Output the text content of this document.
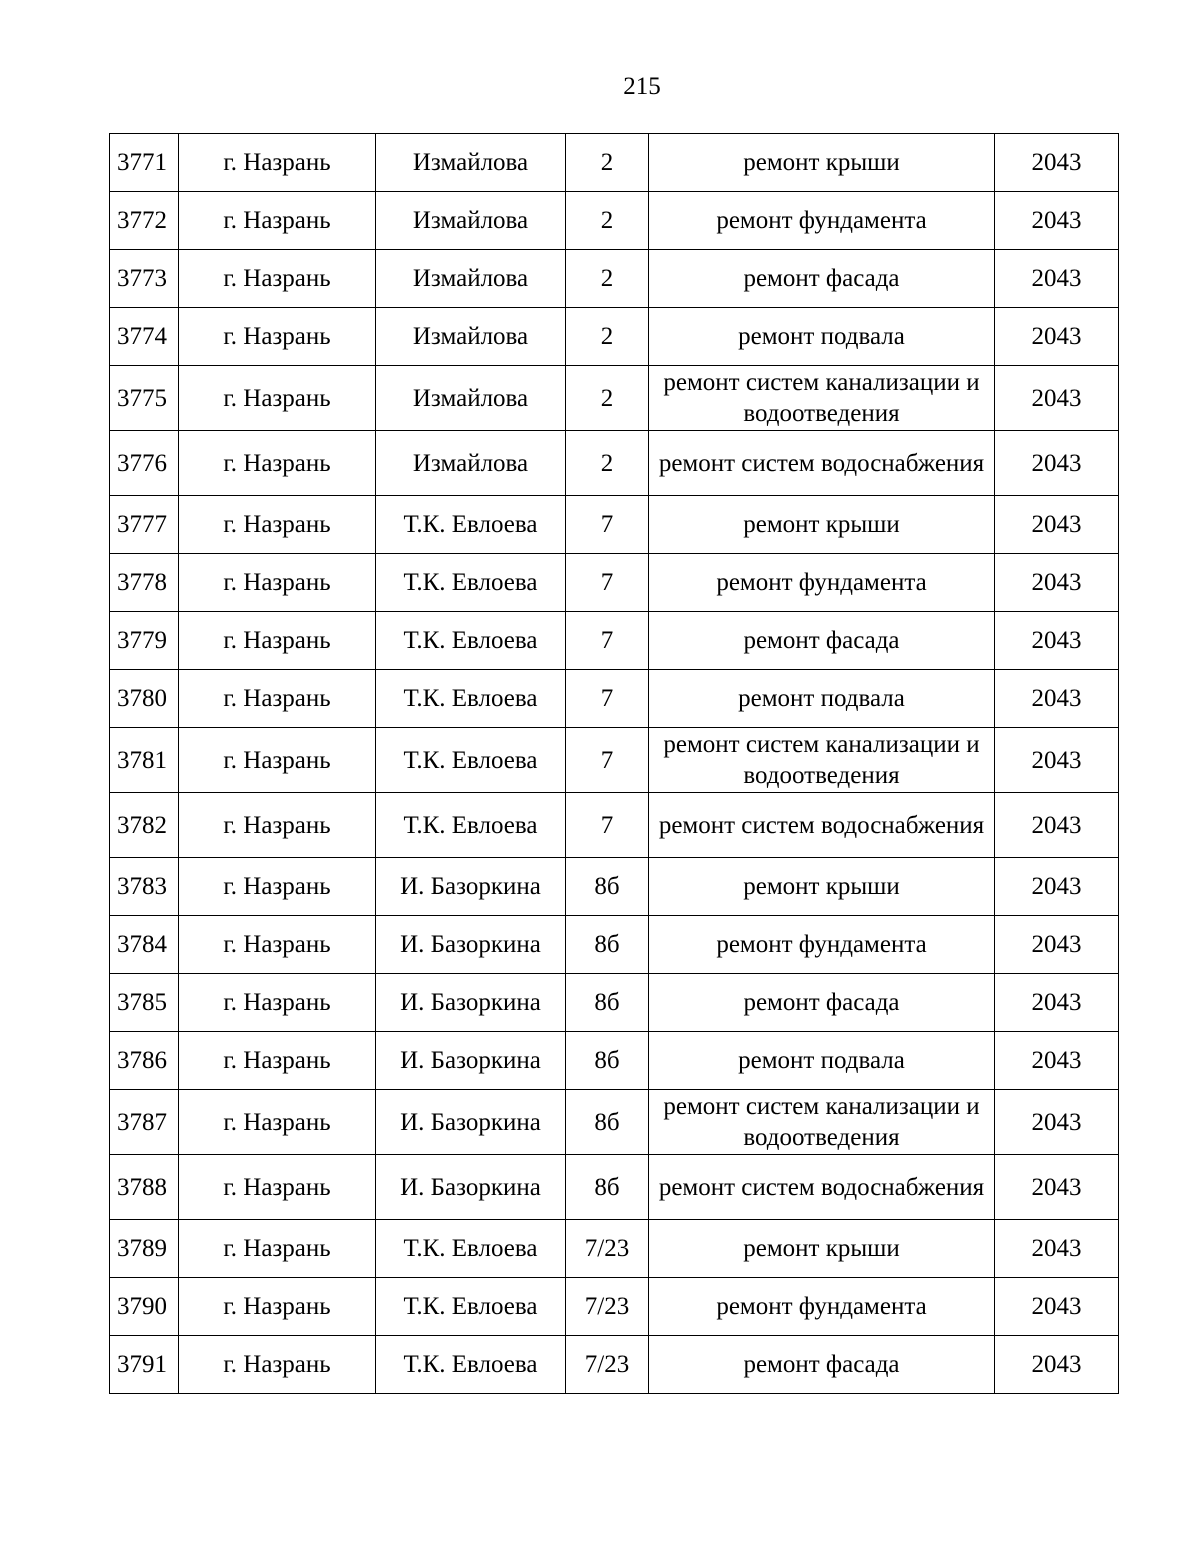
215
3771	г. Назрань	Измайлова	2	ремонт крыши	2043
3772	г. Назрань	Измайлова	2	ремонт фундамента	2043
3773	г. Назрань	Измайлова	2	ремонт фасада	2043
3774	г. Назрань	Измайлова	2	ремонт подвала	2043
3775	г. Назрань	Измайлова	2	ремонт систем канализации и водоотведения	2043
3776	г. Назрань	Измайлова	2	ремонт систем водоснабжения	2043
3777	г. Назрань	Т.К. Евлоева	7	ремонт крыши	2043
3778	г. Назрань	Т.К. Евлоева	7	ремонт фундамента	2043
3779	г. Назрань	Т.К. Евлоева	7	ремонт фасада	2043
3780	г. Назрань	Т.К. Евлоева	7	ремонт подвала	2043
3781	г. Назрань	Т.К. Евлоева	7	ремонт систем канализации и водоотведения	2043
3782	г. Назрань	Т.К. Евлоева	7	ремонт систем водоснабжения	2043
3783	г. Назрань	И. Базоркина	8б	ремонт крыши	2043
3784	г. Назрань	И. Базоркина	8б	ремонт фундамента	2043
3785	г. Назрань	И. Базоркина	8б	ремонт фасада	2043
3786	г. Назрань	И. Базоркина	8б	ремонт подвала	2043
3787	г. Назрань	И. Базоркина	8б	ремонт систем канализации и водоотведения	2043
3788	г. Назрань	И. Базоркина	8б	ремонт систем водоснабжения	2043
3789	г. Назрань	Т.К. Евлоева	7/23	ремонт крыши	2043
3790	г. Назрань	Т.К. Евлоева	7/23	ремонт фундамента	2043
3791	г. Назрань	Т.К. Евлоева	7/23	ремонт фасада	2043
